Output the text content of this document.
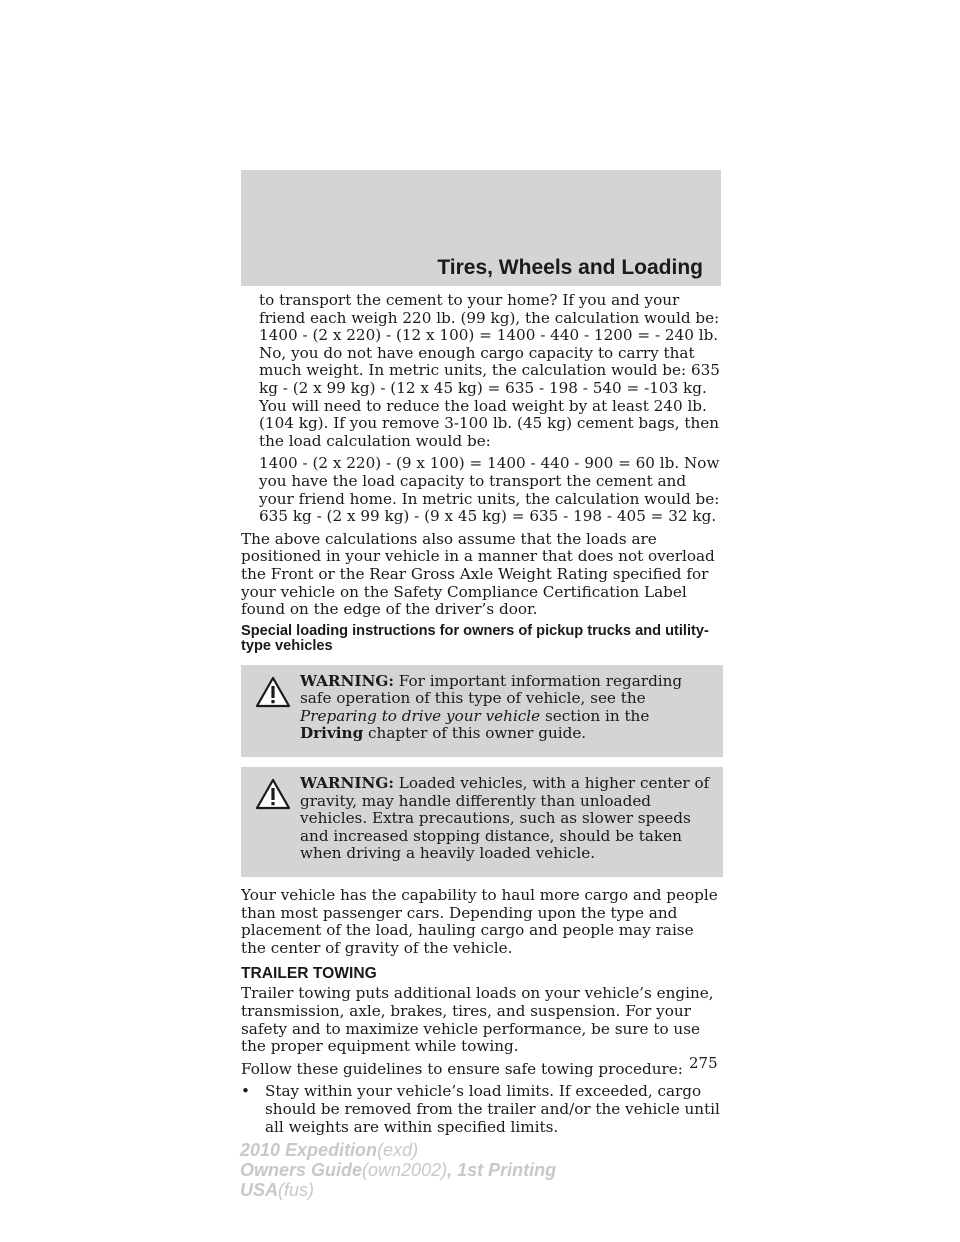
Tires, Wheels and Loading

to transport the cement to your home? If you and your friend each weigh 220 lb. (99 kg), the calculation would be: 1400 - (2 x 220) - (12 x 100) = 1400 - 440 - 1200 = - 240 lb. No, you do not have enough cargo capacity to carry that much weight. In metric units, the calculation would be: 635 kg - (2 x 99 kg) - (12 x 45 kg) = 635 - 198 - 540 = -103 kg. You will need to reduce the load weight by at least 240 lb. (104 kg). If you remove 3-100 lb. (45 kg) cement bags, then the load calculation would be:

1400 - (2 x 220) - (9 x 100) = 1400 - 440 - 900 = 60 lb. Now you have the load capacity to transport the cement and your friend home. In metric units, the calculation would be: 635 kg - (2 x 99 kg) - (9 x 45 kg) = 635 - 198 - 405 = 32 kg.

The above calculations also assume that the loads are positioned in your vehicle in a manner that does not overload the Front or the Rear Gross Axle Weight Rating specified for your vehicle on the Safety Compliance Certification Label found on the edge of the driver’s door.

Special loading instructions for owners of pickup trucks and utility-type vehicles

WARNING: For important information regarding safe operation of this type of vehicle, see the Preparing to drive your vehicle section in the Driving chapter of this owner guide.

WARNING: Loaded vehicles, with a higher center of gravity, may handle differently than unloaded vehicles. Extra precautions, such as slower speeds and increased stopping distance, should be taken when driving a heavily loaded vehicle.

Your vehicle has the capability to haul more cargo and people than most passenger cars. Depending upon the type and placement of the load, hauling cargo and people may raise the center of gravity of the vehicle.

TRAILER TOWING

Trailer towing puts additional loads on your vehicle’s engine, transmission, axle, brakes, tires, and suspension. For your safety and to maximize vehicle performance, be sure to use the proper equipment while towing.

Follow these guidelines to ensure safe towing procedure:

• Stay within your vehicle’s load limits. If exceeded, cargo should be removed from the trailer and/or the vehicle until all weights are within specified limits.

275
2010 Expedition(exd)
Owners Guide(own2002), 1st Printing
USA(fus)
